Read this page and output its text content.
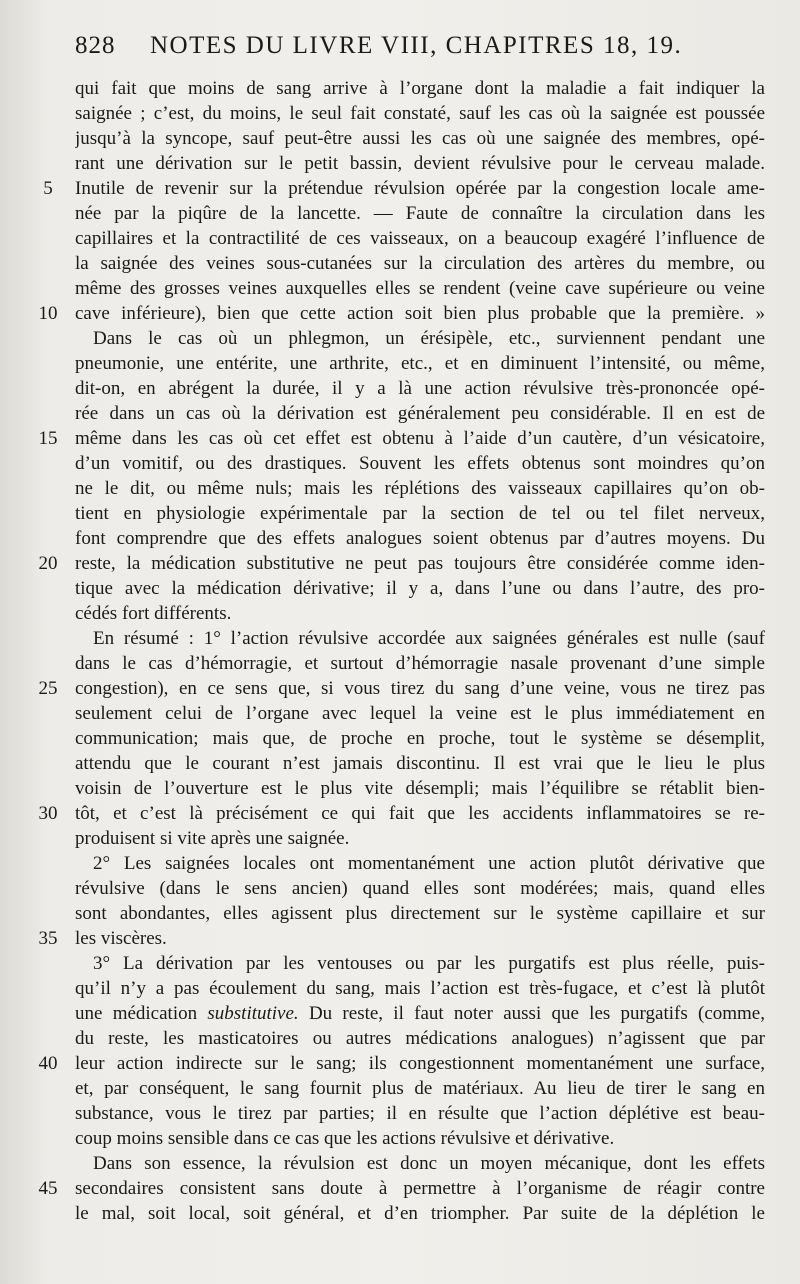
828 NOTES DU LIVRE VIII, CHAPITRES 18, 19.
qui fait que moins de sang arrive à l’organe dont la maladie a fait indiquer la
saignée ; c’est, du moins, le seul fait constaté, sauf les cas où la saignée est poussée
jusqu’à la syncope, sauf peut-être aussi les cas où une saignée des membres, opé-
rant une dérivation sur le petit bassin, devient révulsive pour le cerveau malade.
5	Inutile de revenir sur la prétendue révulsion opérée par la congestion locale ame-
née par la piqûre de la lancette. — Faute de connaître la circulation dans les
capillaires et la contractilité de ces vaisseaux, on a beaucoup exagéré l’influence de
la saignée des veines sous-cutanées sur la circulation des artères du membre, ou
même des grosses veines auxquelles elles se rendent (veine cave supérieure ou veine
10 cave inférieure), bien que cette action soit bien plus probable que la première. »
Dans le cas où un phlegmon, un érésipèle, etc., surviennent pendant une
pneumonie, une entérite, une arthrite, etc., et en diminuent l’intensité, ou même,
dit-on, en abrégent la durée, il y a là une action révulsive très-prononcée opé-
rée dans un cas où la dérivation est généralement peu considérable. Il en est de
15 même dans les cas où cet effet est obtenu à l’aide d’un cautère, d’un vésicatoire,
d’un vomitif, ou des drastiques. Souvent les effets obtenus sont moindres qu’on
ne le dit, ou même nuls; mais les réplétions des vaisseaux capillaires qu’on ob-
tient en physiologie expérimentale par la section de tel ou tel filet nerveux,
font comprendre que des effets analogues soient obtenus par d’autres moyens. Du
20 reste, la médication substitutive ne peut pas toujours être considérée comme iden-
tique avec la médication dérivative; il y a, dans l’une ou dans l’autre, des pro-
cédés fort différents.
En résumé : 1° l’action révulsive accordée aux saignées générales est nulle (sauf
dans le cas d’hémorragie, et surtout d’hémorragie nasale provenant d’une simple
25 congestion), en ce sens que, si vous tirez du sang d’une veine, vous ne tirez pas
seulement celui de l’organe avec lequel la veine est le plus immédiatement en
communication; mais que, de proche en proche, tout le système se désemplit,
attendu que le courant n’est jamais discontinu. Il est vrai que le lieu le plus
voisin de l’ouverture est le plus vite désempli; mais l’équilibre se rétablit bien-
30 tôt, et c’est là précisément ce qui fait que les accidents inflammatoires se re-
produisent si vite après une saignée.
2° Les saignées locales ont momentanément une action plutôt dérivative que
révulsive (dans le sens ancien) quand elles sont modérées; mais, quand elles
sont abondantes, elles agissent plus directement sur le système capillaire et sur
35 les viscères.
3° La dérivation par les ventouses ou par les purgatifs est plus réelle, puis-
qu’il n’y a pas écoulement du sang, mais l’action est très-fugace, et c’est là plutôt
une médication substitutive. Du reste, il faut noter aussi que les purgatifs (comme,
du reste, les masticatoires ou autres médications analogues) n’agissent que par
40 leur action indirecte sur le sang; ils congestionnent momentanément une surface,
et, par conséquent, le sang fournit plus de matériaux. Au lieu de tirer le sang en
substance, vous le tirez par parties; il en résulte que l’action déplétive est beau-
coup moins sensible dans ce cas que les actions révulsive et dérivative.
Dans son essence, la révulsion est donc un moyen mécanique, dont les effets
45 secondaires consistent sans doute à permettre à l’organisme de réagir contre
le mal, soit local, soit général, et d’en triompher. Par suite de la déplétion le
